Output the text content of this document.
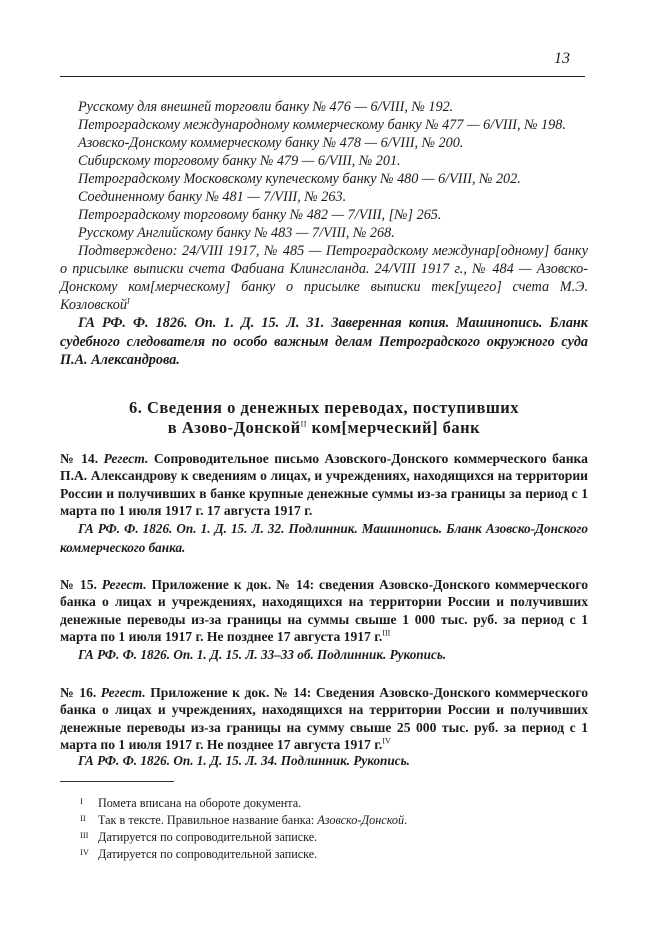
13
Русскому для внешней торговли банку № 476 — 6/VIII, № 192.
Петроградскому международному коммерческому банку № 477 — 6/VIII, № 198.
Азовско-Донскому коммерческому банку № 478 — 6/VIII, № 200.
Сибирскому торговому банку № 479 — 6/VIII, № 201.
Петроградскому Московскому купеческому банку № 480 — 6/VIII, № 202.
Соединенному банку № 481 — 7/VIII, № 263.
Петроградскому торговому банку № 482 — 7/VIII, [№] 265.
Русскому Английскому банку № 483 — 7/VIII, № 268.
Подтверждено: 24/VIII 1917, № 485 — Петроградскому междунар[одному] банку о присылке выписки счета Фабиана Клингсланда. 24/VIII 1917 г., № 484 — Азовско-Донскому ком[мерческому] банку о присылке выписки тек[ущего] счета М.Э. Козловской$^I$
ГА РФ. Ф. 1826. Оп. 1. Д. 15. Л. 31. Заверенная копия. Машинопись. Бланк судебного следователя по особо важным делам Петроградского окружного суда П.А. Александрова.
6. Сведения о денежных переводах, поступивших
в Азово-Донской$^{II}$ ком[мерческий] банк
№ 14. Регест. Сопроводительное письмо Азовского-Донского коммерческого банка П.А. Александрову к сведениям о лицах, и учреждениях, находящихся на территории России и получивших в банке крупные денежные суммы из-за границы за период с 1 марта по 1 июля 1917 г. 17 августа 1917 г.
ГА РФ. Ф. 1826. Оп. 1. Д. 15. Л. 32. Подлинник. Машинопись. Бланк Азовско-Донского коммерческого банка.
№ 15. Регест. Приложение к док. № 14: сведения Азовско-Донского коммерческого банка о лицах и учреждениях, находящихся на территории России и получивших денежные переводы из-за границы на суммы свыше 1 000 тыс. руб. за период с 1 марта по 1 июля 1917 г. Не позднее 17 августа 1917 г.$^{III}$
ГА РФ. Ф. 1826. Оп. 1. Д. 15. Л. 33–33 об. Подлинник. Рукопись.
№ 16. Регест. Приложение к док. № 14: Сведения Азовско-Донского коммерческого банка о лицах и учреждениях, находящихся на территории России и получивших денежные переводы из-за границы на сумму свыше 25 000 тыс. руб. за период с 1 марта по 1 июля 1917 г. Не позднее 17 августа 1917 г.$^{IV}$
ГА РФ. Ф. 1826. Оп. 1. Д. 15. Л. 34. Подлинник. Рукопись.
I Помета вписана на обороте документа.
II Так в тексте. Правильное название банка: Азовско-Донской.
III Датируется по сопроводительной записке.
IV Датируется по сопроводительной записке.
